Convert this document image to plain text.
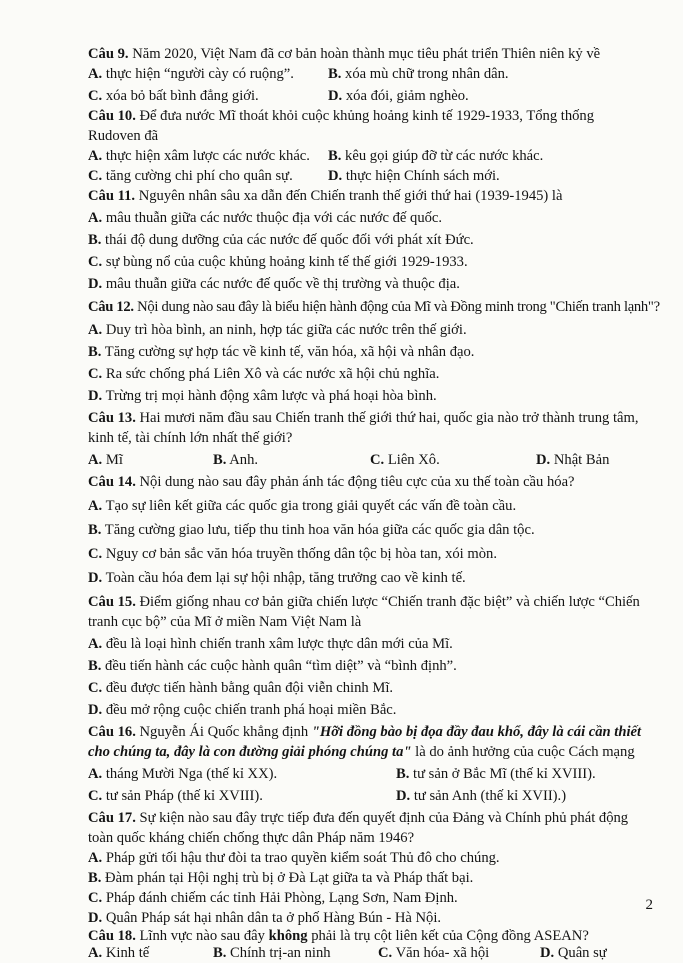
Câu 9. Năm 2020, Việt Nam đã cơ bản hoàn thành mục tiêu phát triển Thiên niên kỷ về
A. thực hiện “người cày có ruộng”. B. xóa mù chữ trong nhân dân.
C. xóa bỏ bất bình đẳng giới.	D. xóa đói, giảm nghèo.
Câu 10. Để đưa nước Mĩ thoát khỏi cuộc khủng hoảng kinh tế 1929-1933, Tổng thống
Rudoven đã
A. thực hiện xâm lược các nước khác. B. kêu gọi giúp đỡ từ các nước khác.
C. tăng cường chi phí cho quân sự. D. thực hiện Chính sách mới.
Câu 11. Nguyên nhân sâu xa dẫn đến Chiến tranh thế giới thứ hai (1939-1945) là
A. mâu thuẫn giữa các nước thuộc địa với các nước đế quốc.
B. thái độ dung dưỡng của các nước đế quốc đối với phát xít Đức.
C. sự bùng nổ của cuộc khủng hoảng kinh tế thế giới 1929-1933.
D. mâu thuẫn giữa các nước đế quốc về thị trường và thuộc địa.
Câu 12. Nội dung nào sau đây là biểu hiện hành động của Mĩ và Đồng minh trong "Chiến tranh lạnh"?
A. Duy trì hòa bình, an ninh, hợp tác giữa các nước trên thế giới.
B. Tăng cường sự hợp tác về kinh tế, văn hóa, xã hội và nhân đạo.
C. Ra sức chống phá Liên Xô và các nước xã hội chủ nghĩa.
D. Trừng trị mọi hành động xâm lược và phá hoại hòa bình.
Câu 13. Hai mươi năm đầu sau Chiến tranh thế giới thứ hai, quốc gia nào trở thành trung tâm,
kinh tế, tài chính lớn nhất thế giới?
A. Mĩ	B. Anh.	C. Liên Xô.	D. Nhật Bản
Câu 14. Nội dung nào sau đây phản ánh tác động tiêu cực của xu thế toàn cầu hóa?
A. Tạo sự liên kết giữa các quốc gia trong giải quyết các vấn đề toàn cầu.
B. Tăng cường giao lưu, tiếp thu tinh hoa văn hóa giữa các quốc gia dân tộc.
C. Nguy cơ bản sắc văn hóa truyền thống dân tộc bị hòa tan, xói mòn.
D. Toàn cầu hóa đem lại sự hội nhập, tăng trưởng cao về kinh tế.
Câu 15. Điểm giống nhau cơ bản giữa chiến lược “Chiến tranh đặc biệt” và chiến lược “Chiến
tranh cục bộ” của Mĩ ở miền Nam Việt Nam là
A. đều là loại hình chiến tranh xâm lược thực dân mới của Mĩ.
B. đều tiến hành các cuộc hành quân “tìm diệt” và “bình định”.
C. đều được tiến hành bằng quân đội viễn chinh Mĩ.
D. đều mở rộng cuộc chiến tranh phá hoại miền Bắc.
Câu 16. Nguyễn Ái Quốc khẳng định "Hỡi đồng bào bị đọa đầy đau khổ, đây là cái cần thiết
cho chúng ta, đây là con đường giải phóng chúng ta" là do ảnh hưởng của cuộc Cách mạng
A. tháng Mười Nga (thế kỉ XX).	B. tư sản ở Bắc Mĩ (thế kỉ XVIII).
C. tư sản Pháp (thế kỉ XVIII).	D. tư sản Anh (thế kỉ XVII).)
Câu 17. Sự kiện nào sau đây trực tiếp đưa đến quyết định của Đảng và Chính phủ phát động
toàn quốc kháng chiến chống thực dân Pháp năm 1946?
A. Pháp gửi tối hậu thư đòi ta trao quyền kiểm soát Thủ đô cho chúng.
B. Đàm phán tại Hội nghị trù bị ở Đà Lạt giữa ta và Pháp thất bại.
C. Pháp đánh chiếm các tỉnh Hải Phòng, Lạng Sơn, Nam Định.
D. Quân Pháp sát hại nhân dân ta ở phố Hàng Bún - Hà Nội.
Câu 18. Lĩnh vực nào sau đây không phải là trụ cột liên kết của Cộng đồng ASEAN?
A. Kinh tế	B. Chính trị-an ninh	C. Văn hóa- xã hội	D. Quân sự
2
